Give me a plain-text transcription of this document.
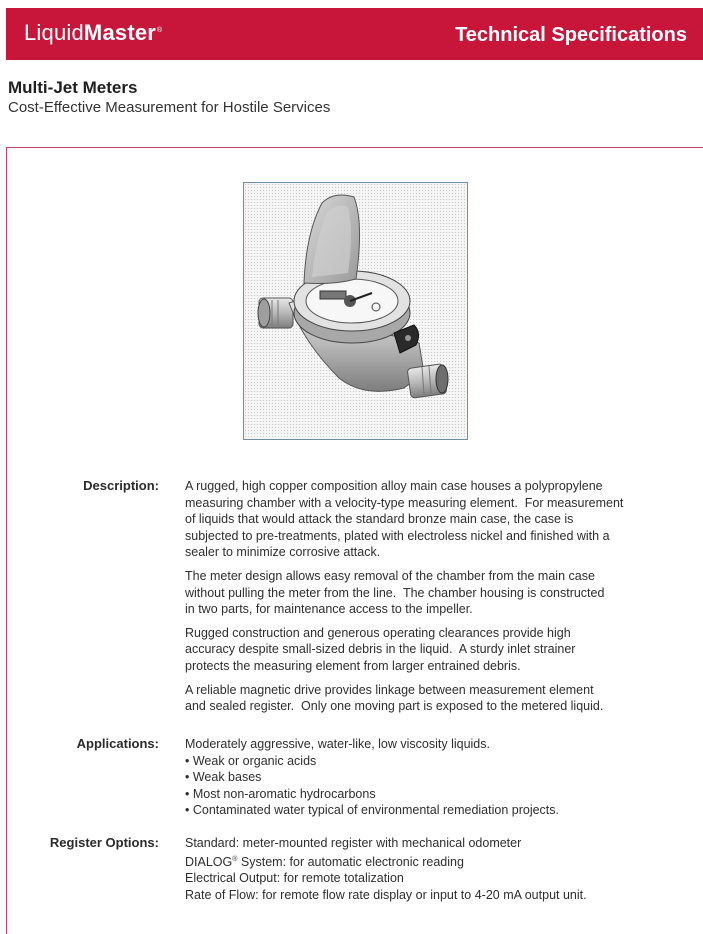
LiquidMaster®	Technical Specifications
Multi-Jet Meters
Cost-Effective Measurement for Hostile Services
Description: A rugged, high copper composition alloy main case houses a polypropylene
measuring chamber with a velocity-type measuring element.  For measurement
of liquids that would attack the standard bronze main case, the case is
subjected to pre-treatments, plated with electroless nickel and finished with a
sealer to minimize corrosive attack.

The meter design allows easy removal of the chamber from the main case
without pulling the meter from the line.  The chamber housing is constructed
in two parts, for maintenance access to the impeller.

Rugged construction and generous operating clearances provide high
accuracy despite small-sized debris in the liquid.  A sturdy inlet strainer
protects the measuring element from larger entrained debris.

A reliable magnetic drive provides linkage between measurement element
and sealed register.  Only one moving part is exposed to the metered liquid.

Applications: Moderately aggressive, water-like, low viscosity liquids.
• Weak or organic acids
• Weak bases
• Most non-aromatic hydrocarbons
• Contaminated water typical of environmental remediation projects.
Register Options: Standard: meter-mounted register with mechanical odometer
DIALOG® System: for automatic electronic reading
Electrical Output: for remote totalization
Rate of Flow: for remote flow rate display or input to 4-20 mA output unit.
